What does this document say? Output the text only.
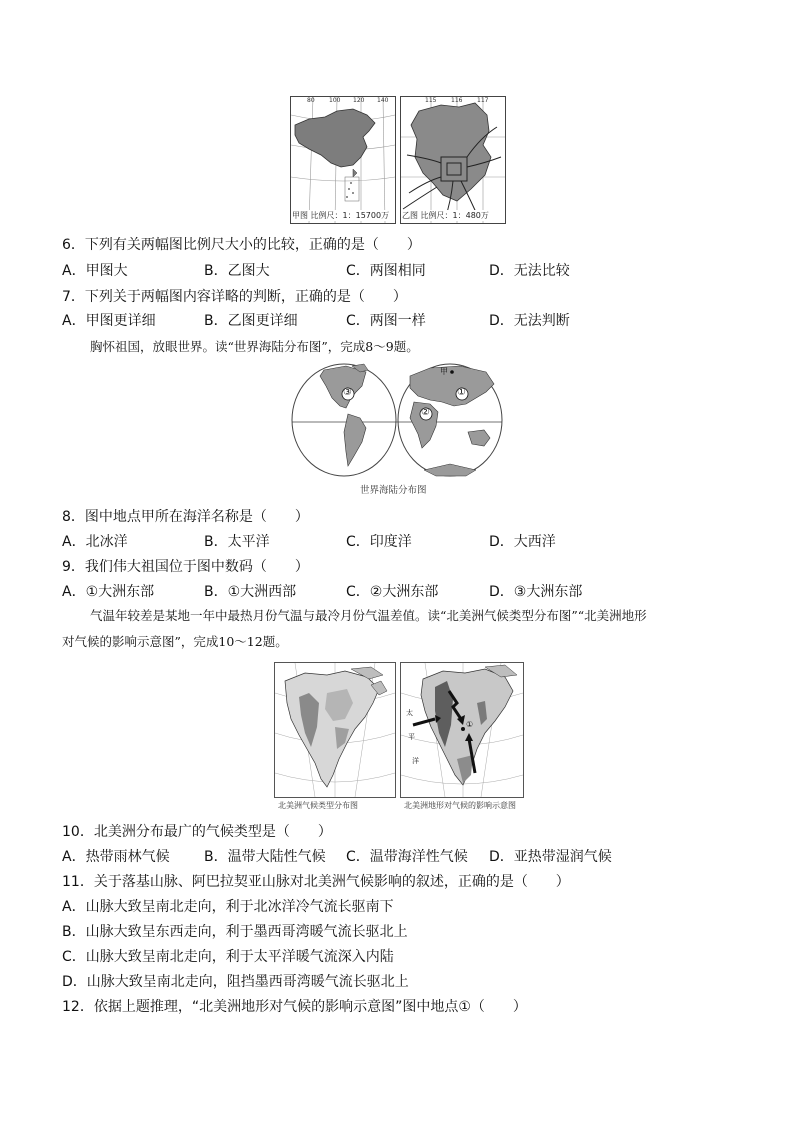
80 100 120 140
甲图 比例尺：1：15700万
115 116 117
乙图 比例尺：1：480万
6．下列有关两幅图比例尺大小的比较，正确的是（　　）
A．甲图大	B．乙图大	C．两图相同	D．无法比较
7．下列关于两幅图内容详略的判断，正确的是（　　）
A．甲图更详细	B．乙图更详细	C．两图一样	D．无法判断
胸怀祖国，放眼世界。读“世界海陆分布图”，完成8～9题。
③	①
②
甲
世界海陆分布图
8．图中地点甲所在海洋名称是（　　）
A．北冰洋	B．太平洋	C．印度洋	D．大西洋
9．我们伟大祖国位于图中数码（　　）
A．①大洲东部	B．①大洲西部	C．②大洲东部	D．③大洲东部
气温年较差是某地一年中最热月份气温与最冷月份气温差值。读“北美洲气候类型分布图”“北美洲地形
对气候的影响示意图”，完成10～12题。
北美洲气候类型分布图
太
平
洋
①
北美洲地形对气候的影响示意图
10．北美洲分布最广的气候类型是（　　）
A．热带雨林气候 B．温带大陆性气候 C．温带海洋性气候 D．亚热带湿润气候
11．关于落基山脉、阿巴拉契亚山脉对北美洲气候影响的叙述，正确的是（　　）
A．山脉大致呈南北走向，利于北冰洋冷气流长驱南下
B．山脉大致呈东西走向，利于墨西哥湾暖气流长驱北上
C．山脉大致呈南北走向，利于太平洋暖气流深入内陆
D．山脉大致呈南北走向，阻挡墨西哥湾暖气流长驱北上
12．依据上题推理，“北美洲地形对气候的影响示意图”图中地点①（　　）
